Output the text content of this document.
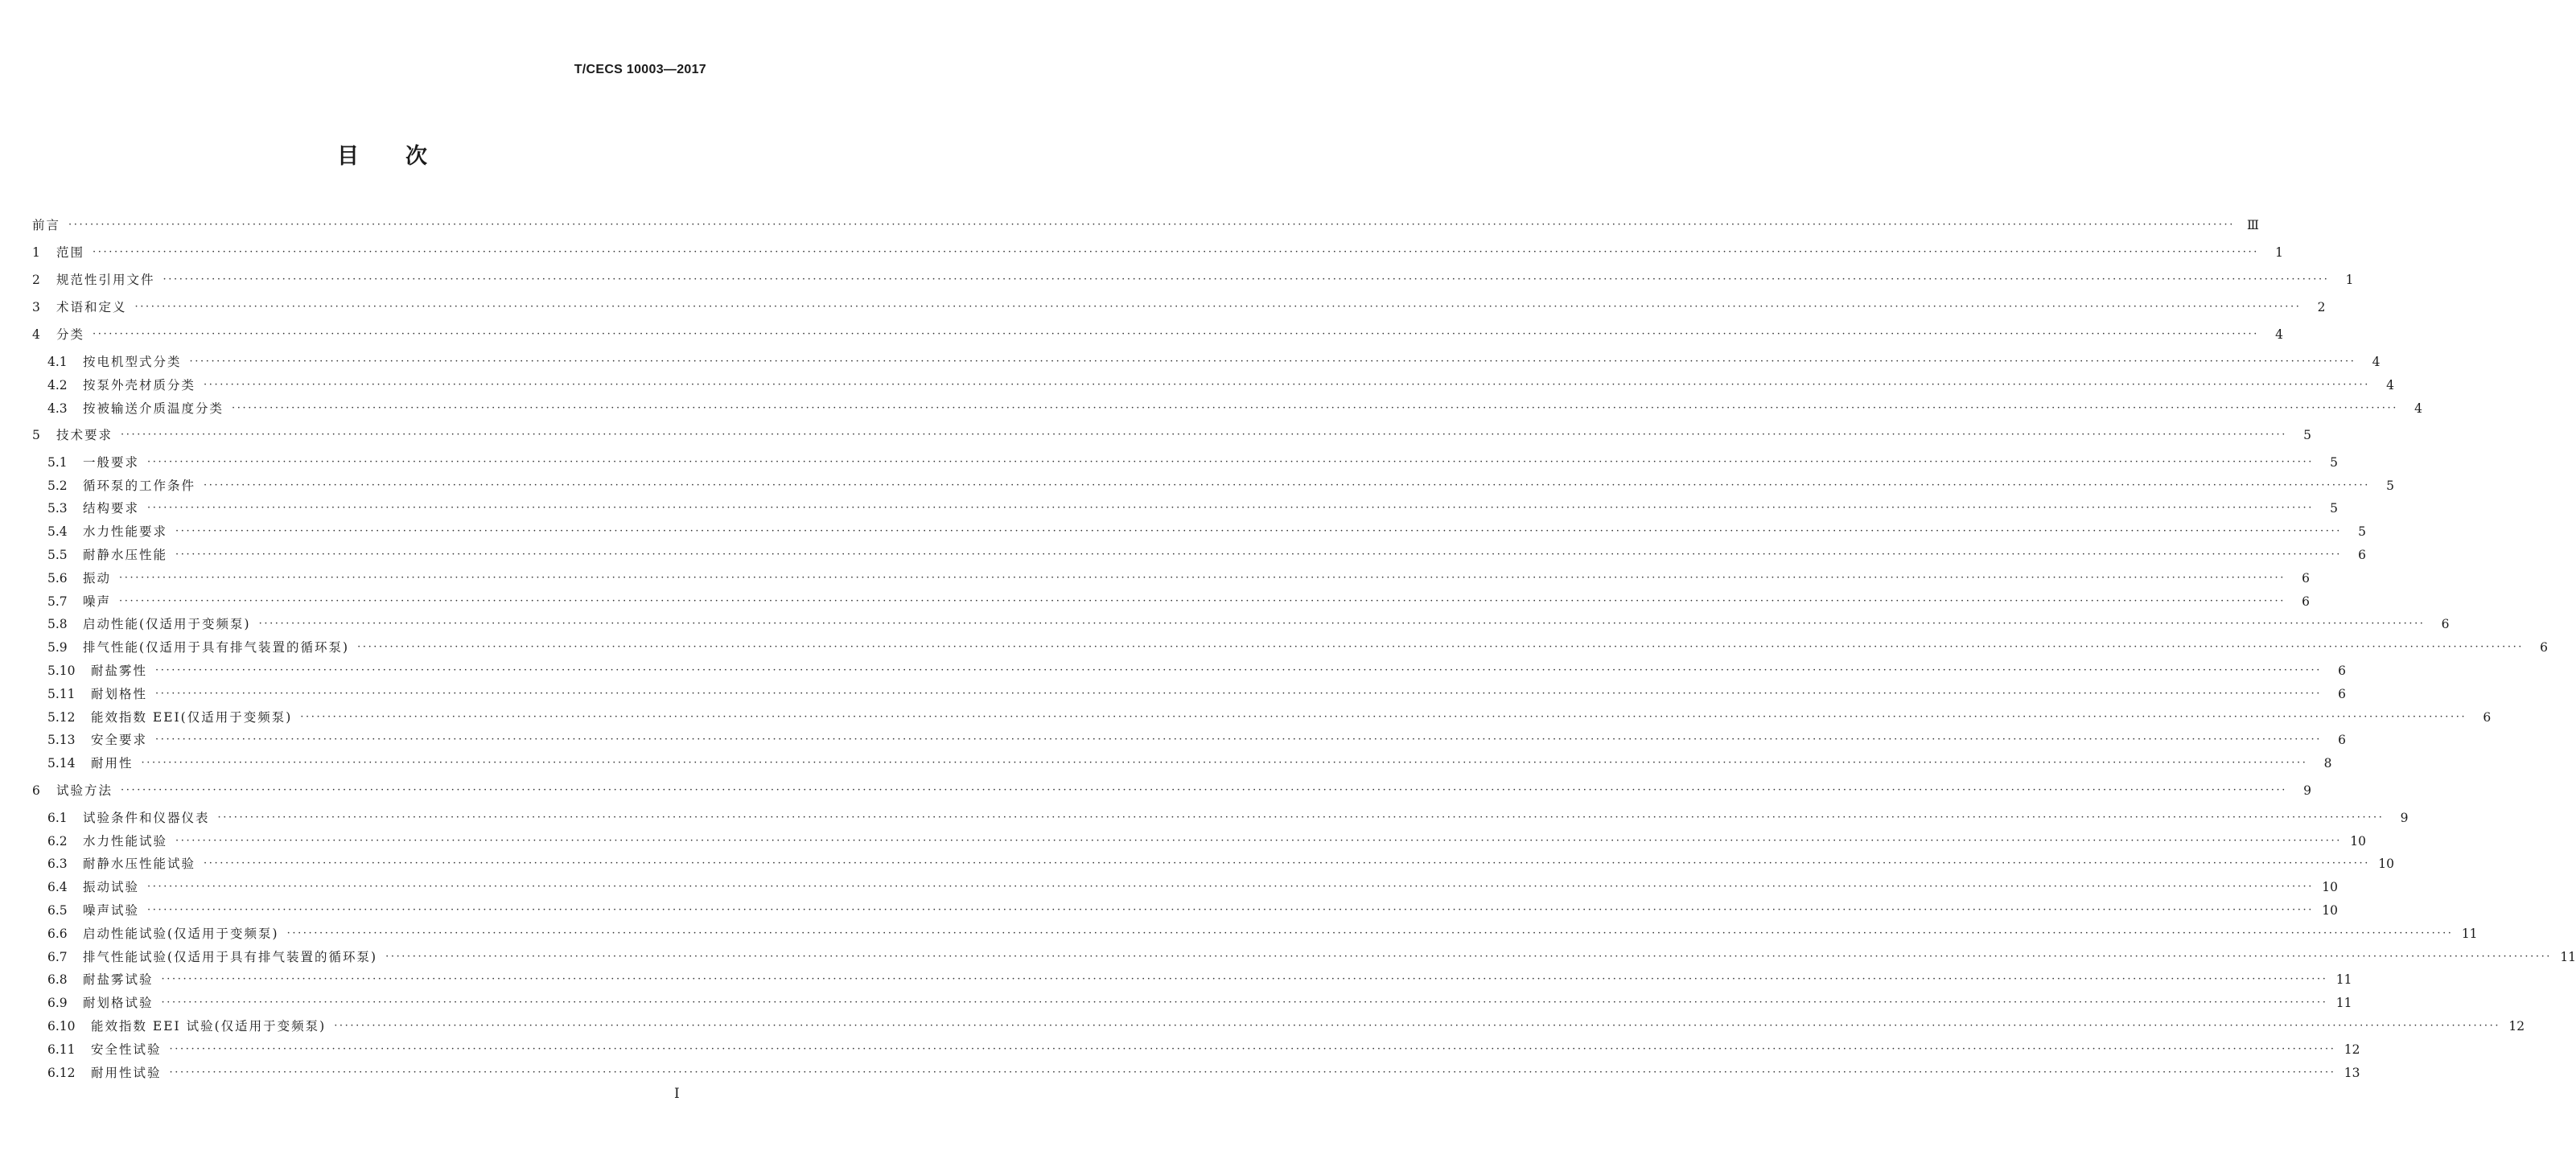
T/CECS 10003—2017
目次
前言 ················································································································································································································································································································································································································ Ⅲ
1	范围 ················································································································································································································································································································································································································	1
2	规范性引用文件 ················································································································································································································································································································································································································	1
3	术语和定义 ················································································································································································································································································································································································································	2
4	分类 ················································································································································································································································································································································································································	4
4.1	按电机型式分类 ················································································································································································································································································································································································································	4
4.2	按泵外壳材质分类 ················································································································································································································································································································································································································	4
4.3	按被输送介质温度分类 ················································································································································································································································································································································································································	4
5	技术要求 ················································································································································································································································································································································································································	5
5.1	一般要求 ················································································································································································································································································································································································································	5
5.2	循环泵的工作条件 ················································································································································································································································································································································································································	5
5.3	结构要求 ················································································································································································································································································································································································································	5
5.4	水力性能要求 ················································································································································································································································································································································································································	5
5.5	耐静水压性能 ················································································································································································································································································································································································································	6
5.6	振动 ················································································································································································································································································································································································································	6
5.7	噪声 ················································································································································································································································································································································································································	6
5.8	启动性能(仅适用于变频泵) ················································································································································································································································································································································································································	6
5.9	排气性能(仅适用于具有排气装置的循环泵) ················································································································································································································································································································································································································	6
5.10	耐盐雾性 ················································································································································································································································································································································································································	6
5.11	耐划格性 ················································································································································································································································································································································································································	6
5.12	能效指数 EEI(仅适用于变频泵) ················································································································································································································································································································································································································	6
5.13	安全要求 ················································································································································································································································································································································································································	6
5.14	耐用性 ················································································································································································································································································································································································································	8
6	试验方法 ················································································································································································································································································································································································································	9
6.1	试验条件和仪器仪表 ················································································································································································································································································································································································································	9
6.2	水力性能试验 ················································································································································································································································································································································································································ 10
6.3	耐静水压性能试验 ················································································································································································································································································································································································································ 10
6.4	振动试验 ················································································································································································································································································································································································································ 10
6.5	噪声试验 ················································································································································································································································································································································································································ 10
6.6	启动性能试验(仅适用于变频泵) ················································································································································································································································································································································································································ 11
6.7	排气性能试验(仅适用于具有排气装置的循环泵) ················································································································································································································································································································································································································ 11
6.8	耐盐雾试验 ················································································································································································································································································································································································································ 11
6.9	耐划格试验 ················································································································································································································································································································································································································ 11
6.10	能效指数 EEI 试验(仅适用于变频泵) ················································································································································································································································································································································································································ 12
6.11	安全性试验 ················································································································································································································································································································································································································ 12
6.12	耐用性试验 ················································································································································································································································································································································································································ 13
I
